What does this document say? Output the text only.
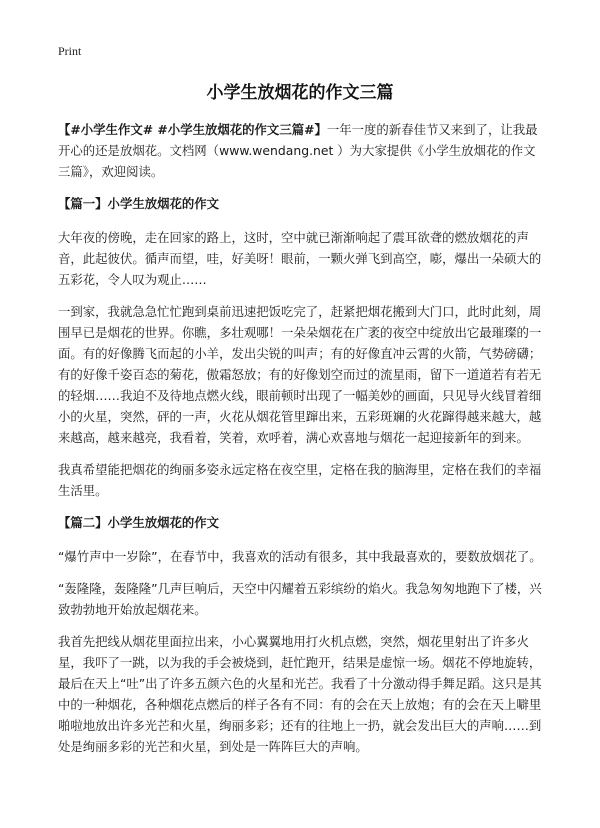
Print
小学生放烟花的作文三篇

【#小学生作文# #小学生放烟花的作文三篇#】一年一度的新春佳节又来到了，让我最开心的还是放烟花。文档网（www.wendang.net ）为大家提供《小学生放烟花的作文三篇》，欢迎阅读。

【篇一】小学生放烟花的作文

大年夜的傍晚，走在回家的路上，这时，空中就已渐渐响起了震耳欲聋的燃放烟花的声音，此起彼伏。循声而望，哇，好美呀！眼前，一颗火弹飞到高空，嘭，爆出一朵硕大的五彩花，令人叹为观止……

一到家，我就急急忙忙跑到桌前迅速把饭吃完了，赶紧把烟花搬到大门口，此时此刻，周围早已是烟花的世界。你瞧，多壮观哪！一朵朵烟花在广袤的夜空中绽放出它最璀璨的一面。有的好像腾飞而起的小羊，发出尖锐的叫声；有的好像直冲云霄的火箭，气势磅礴；有的好像千姿百态的菊花，傲霜怒放；有的好像划空而过的流星雨，留下一道道若有若无的轻烟……我迫不及待地点燃火线，眼前顿时出现了一幅美妙的画面，只见导火线冒着细小的火星，突然，砰的一声，火花从烟花管里蹿出来，五彩斑斓的火花蹿得越来越大，越来越高，越来越亮，我看着，笑着，欢呼着，满心欢喜地与烟花一起迎接新年的到来。

我真希望能把烟花的绚丽多姿永远定格在夜空里，定格在我的脑海里，定格在我们的幸福生活里。

【篇二】小学生放烟花的作文

“爆竹声中一岁除”，在春节中，我喜欢的活动有很多，其中我最喜欢的，要数放烟花了。

“轰隆隆，轰隆隆”几声巨响后，天空中闪耀着五彩缤纷的焰火。我急匆匆地跑下了楼，兴致勃勃地开始放起烟花来。

我首先把线从烟花里面拉出来，小心翼翼地用打火机点燃，突然，烟花里射出了许多火星，我吓了一跳，以为我的手会被烧到，赶忙跑开，结果是虚惊一场。烟花不停地旋转，最后在天上“吐”出了许多五颜六色的火星和光芒。我看了十分激动得手舞足蹈。这只是其中的一种烟花，各种烟花点燃后的样子各有不同：有的会在天上放炮；有的会在天上噼里啪啦地放出许多光芒和火星，绚丽多彩；还有的往地上一扔，就会发出巨大的声响……到处是绚丽多彩的光芒和火星，到处是一阵阵巨大的声响。
